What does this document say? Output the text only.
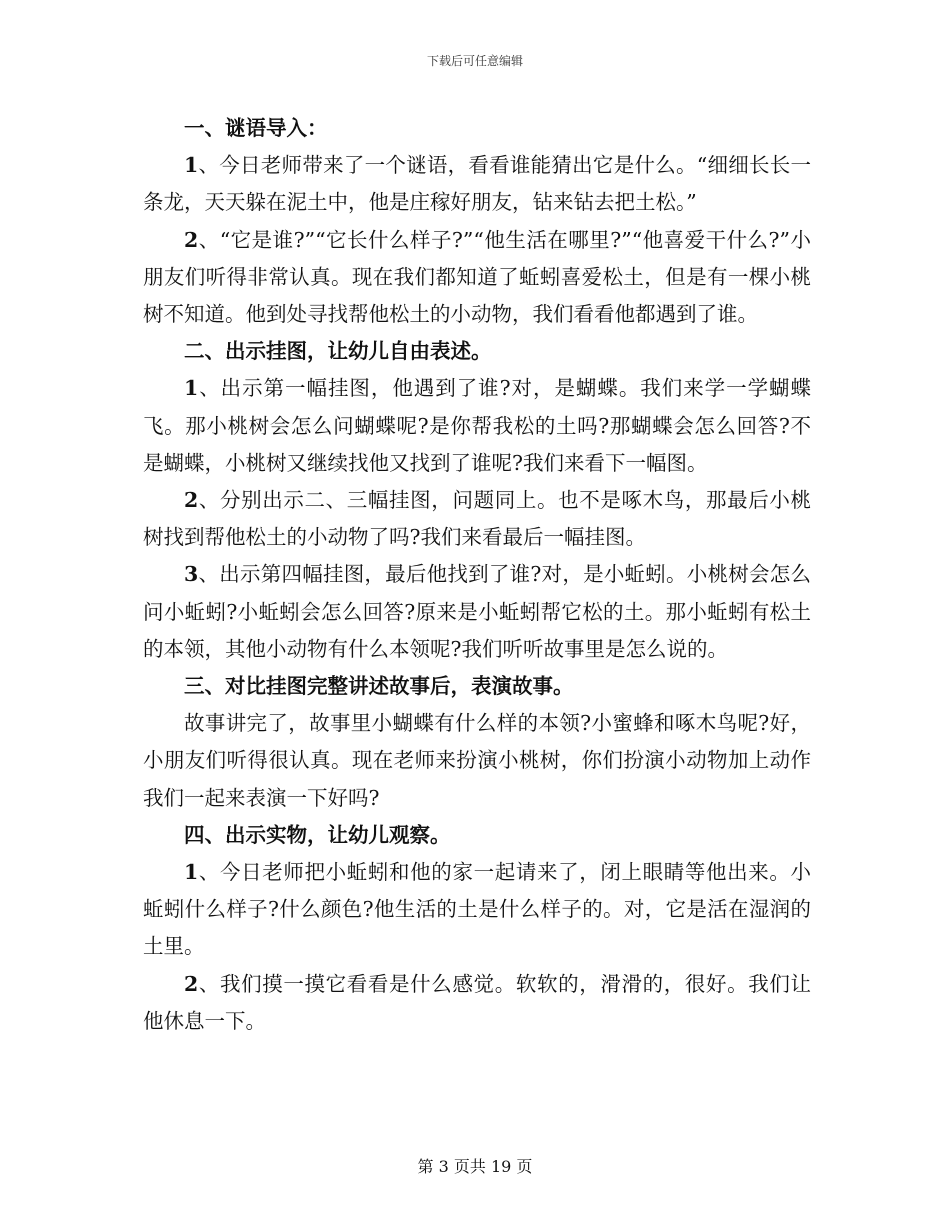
下载后可任意编辑

一、谜语导入：

1、今日老师带来了一个谜语，看看谁能猜出它是什么。“细细长长一条龙，天天躲在泥土中，他是庄稼好朋友，钻来钻去把土松。”

2、“它是谁?”“它长什么样子?”“他生活在哪里?”“他喜爱干什么?”小朋友们听得非常认真。现在我们都知道了蚯蚓喜爱松土，但是有一棵小桃树不知道。他到处寻找帮他松土的小动物，我们看看他都遇到了谁。

二、出示挂图，让幼儿自由表述。

1、出示第一幅挂图，他遇到了谁?对，是蝴蝶。我们来学一学蝴蝶飞。那小桃树会怎么问蝴蝶呢?是你帮我松的土吗?那蝴蝶会怎么回答?不是蝴蝶，小桃树又继续找他又找到了谁呢?我们来看下一幅图。

2、分别出示二、三幅挂图，问题同上。也不是啄木鸟，那最后小桃树找到帮他松土的小动物了吗?我们来看最后一幅挂图。

3、出示第四幅挂图，最后他找到了谁?对，是小蚯蚓。小桃树会怎么问小蚯蚓?小蚯蚓会怎么回答?原来是小蚯蚓帮它松的土。那小蚯蚓有松土的本领，其他小动物有什么本领呢?我们听听故事里是怎么说的。

三、对比挂图完整讲述故事后，表演故事。

故事讲完了，故事里小蝴蝶有什么样的本领?小蜜蜂和啄木鸟呢?好，小朋友们听得很认真。现在老师来扮演小桃树，你们扮演小动物加上动作我们一起来表演一下好吗?

四、出示实物，让幼儿观察。

1、今日老师把小蚯蚓和他的家一起请来了，闭上眼睛等他出来。小蚯蚓什么样子?什么颜色?他生活的土是什么样子的。对，它是活在湿润的土里。

2、我们摸一摸它看看是什么感觉。软软的，滑滑的，很好。我们让他休息一下。

第 3 页共 19 页
